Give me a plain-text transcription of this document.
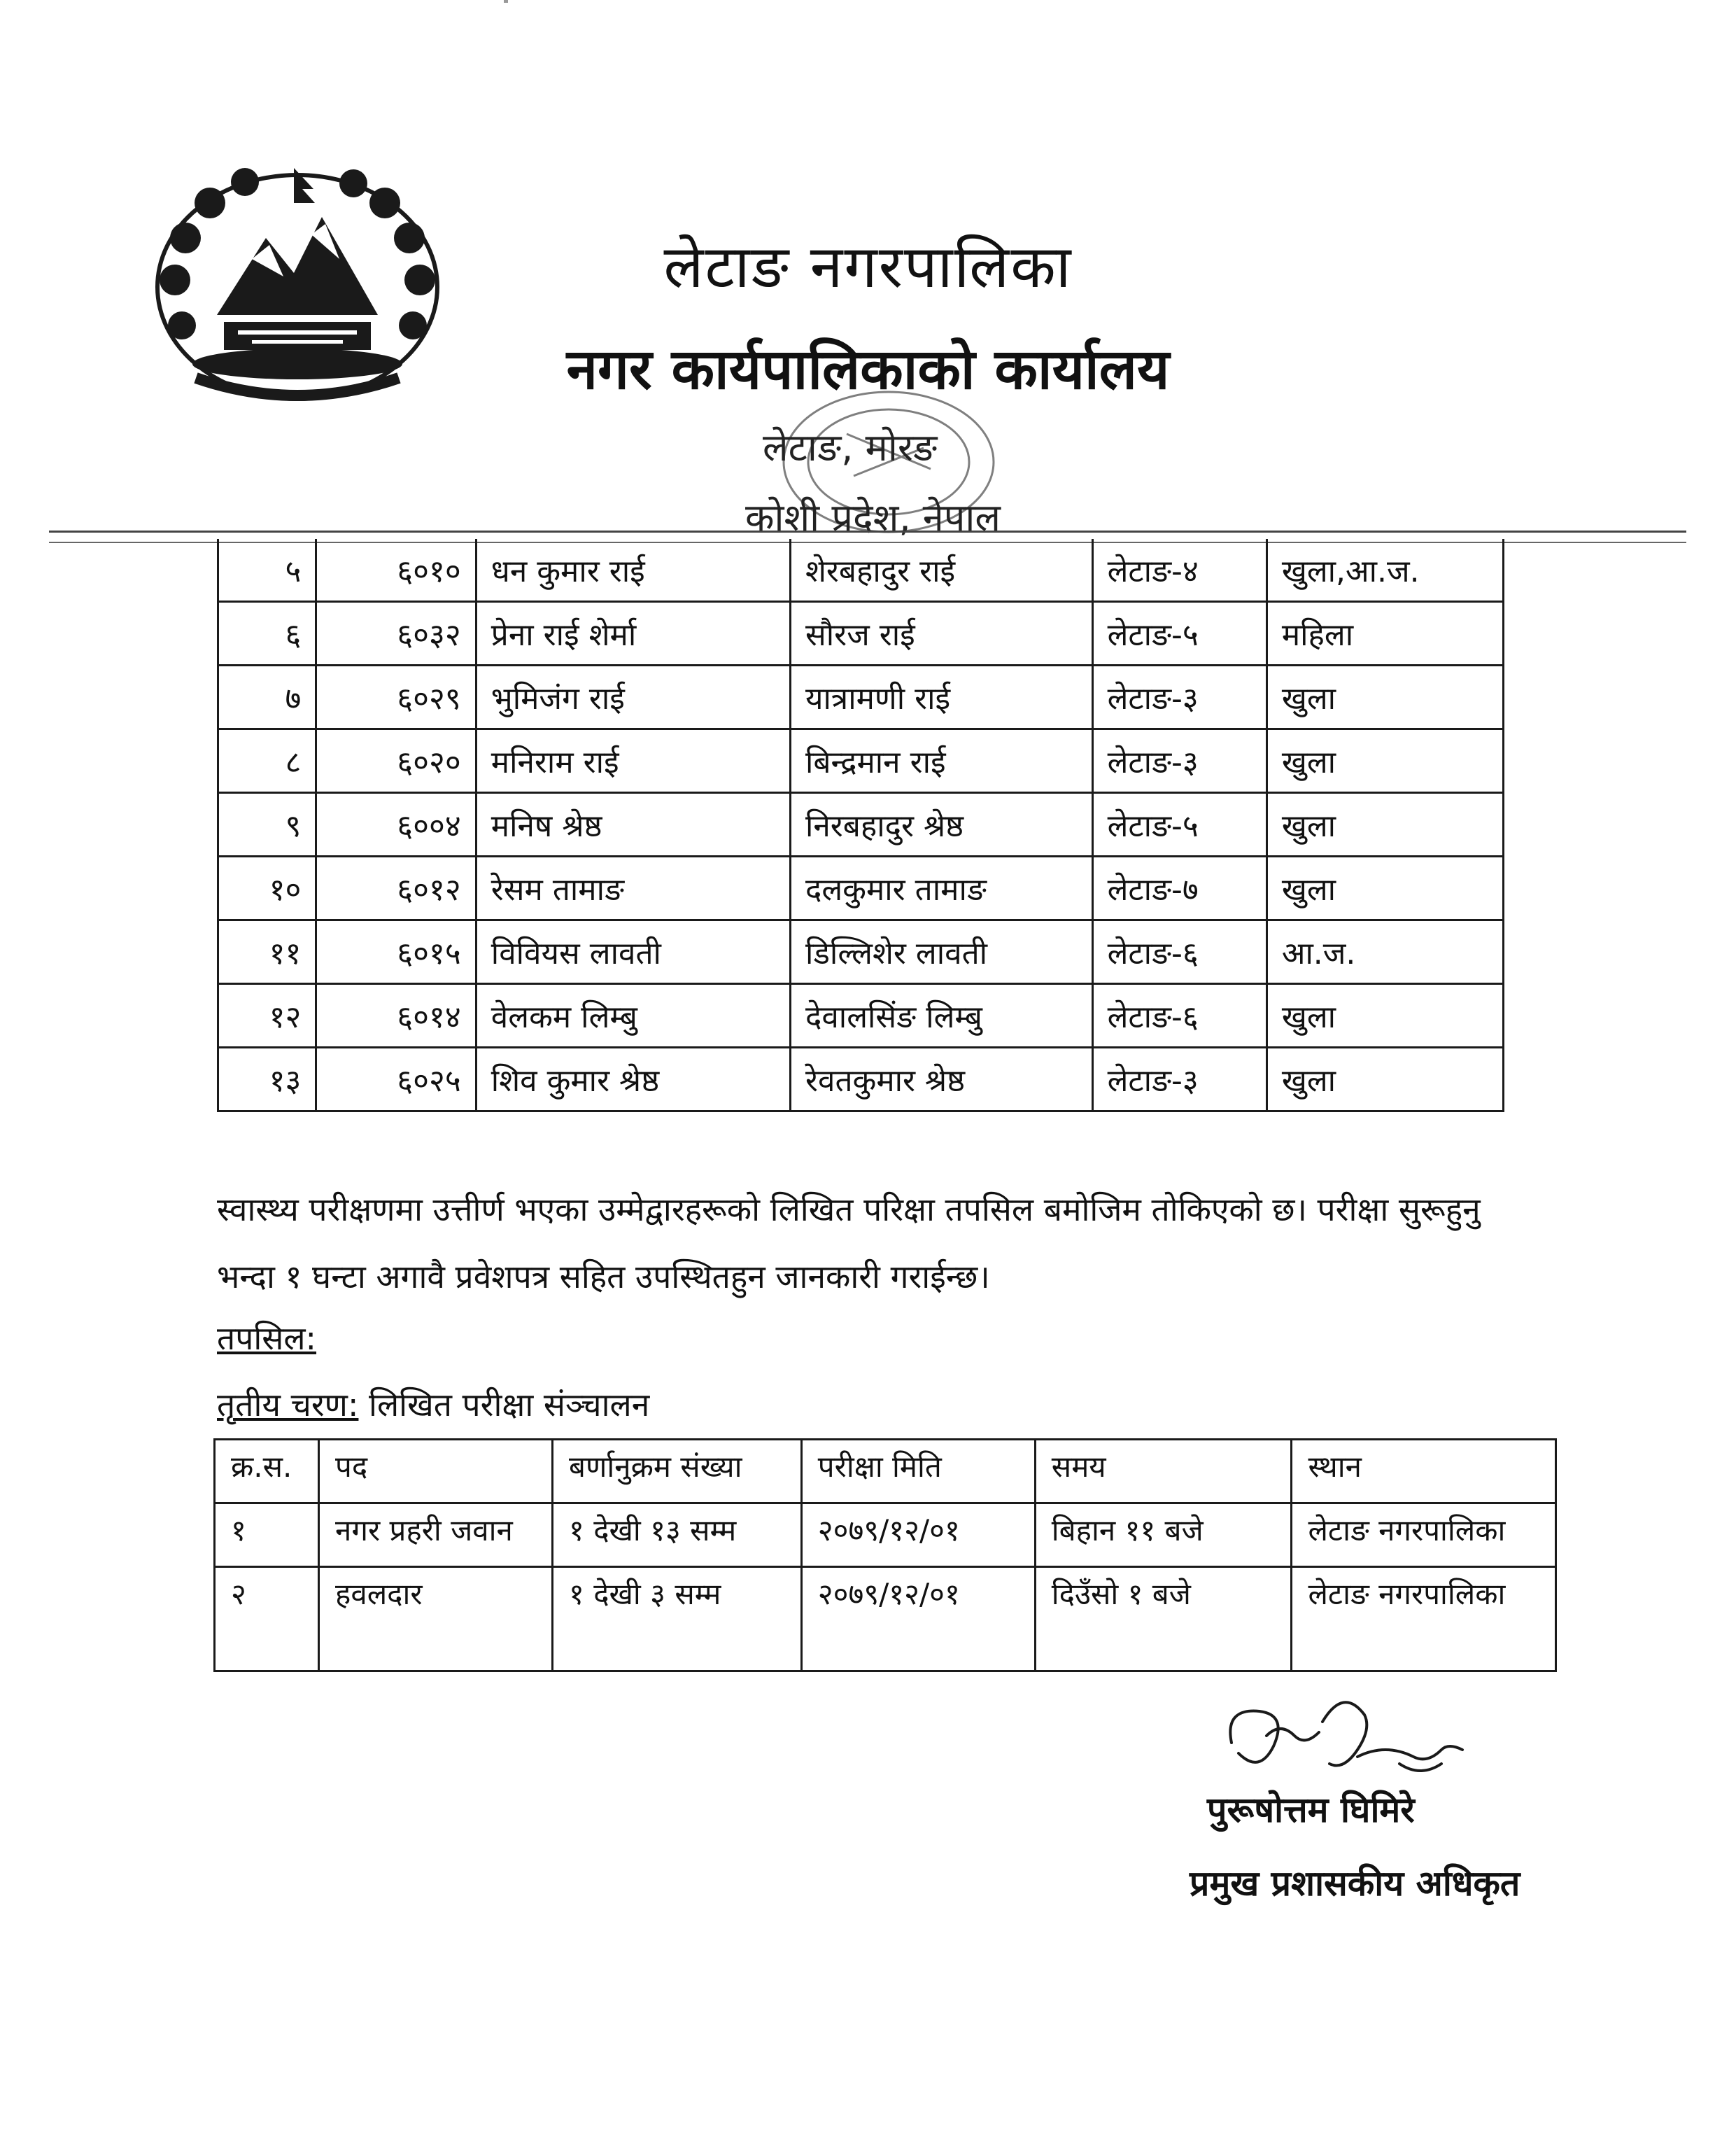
लेटाङ नगरपालिका
नगर कार्यपालिकाको कार्यालय
लेटाङ, मोरङ
कोशी प्रदेश, नेपाल
५	६०१०	धन कुमार राई	शेरबहादुर राई	लेटाङ-४	खुला,आ.ज.
६	६०३२	प्रेना राई शेर्मा	सौरज राई	लेटाङ-५	महिला
७	६०२९	भुमिजंग राई	यात्रामणी राई	लेटाङ-३	खुला
८	६०२०	मनिराम राई	बिन्द्रमान राई	लेटाङ-३	खुला
९	६००४	मनिष श्रेष्ठ	निरबहादुर श्रेष्ठ	लेटाङ-५	खुला
१०	६०१२	रेसम तामाङ	दलकुमार तामाङ	लेटाङ-७	खुला
११	६०१५	विवियस लावती	डिल्लिशेर लावती	लेटाङ-६	आ.ज.
१२	६०१४	वेलकम लिम्बु	देवालसिंङ लिम्बु	लेटाङ-६	खुला
१३	६०२५	शिव कुमार श्रेष्ठ	रेवतकुमार श्रेष्ठ	लेटाङ-३	खुला
स्वास्थ्य परीक्षणमा उत्तीर्ण भएका उम्मेद्वारहरूको लिखित परिक्षा तपसिल बमोजिम तोकिएको छ। परीक्षा सुरूहुनु भन्दा १ घन्टा अगावै प्रवेशपत्र सहित उपस्थितहुन जानकारी गराईन्छ।
तपसिल:
तृतीय चरण: लिखित परीक्षा संञ्चालन
क्र.स.	पद	बर्णानुक्रम संख्या	परीक्षा मिति	समय	स्थान
१	नगर प्रहरी जवान	१ देखी १३ सम्म	२०७९/१२/०१	बिहान ११ बजे	लेटाङ नगरपालिका
२	हवलदार	१ देखी ३ सम्म	२०७९/१२/०१	दिउँसो १ बजे	लेटाङ नगरपालिका
पुरूषोत्तम घिमिरे
प्रमुख प्रशासकीय अधिकृत
